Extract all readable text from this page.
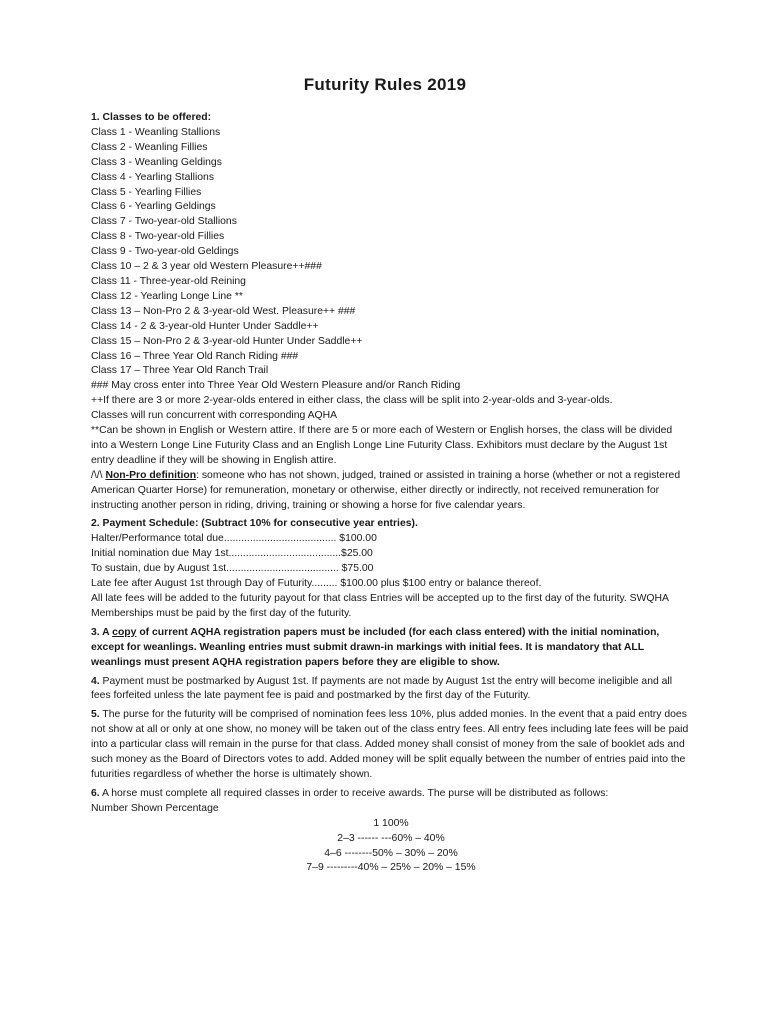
Futurity Rules 2019
1. Classes to be offered:
Class 1 - Weanling Stallions
Class 2 - Weanling Fillies
Class 3 - Weanling Geldings
Class 4 - Yearling Stallions
Class 5 - Yearling Fillies
Class 6 - Yearling Geldings
Class 7 - Two-year-old Stallions
Class 8 - Two-year-old Fillies
Class 9 - Two-year-old Geldings
Class 10 – 2 & 3 year old Western Pleasure++###
Class 11 - Three-year-old Reining
Class 12 - Yearling Longe Line **
Class 13 – Non-Pro 2 & 3-year-old West. Pleasure++ ###
Class 14 - 2 & 3-year-old Hunter Under Saddle++
Class 15 – Non-Pro 2 & 3-year-old Hunter Under Saddle++
Class 16 – Three Year Old Ranch Riding ###
Class 17 – Three Year Old Ranch Trail
### May cross enter into Three Year Old Western Pleasure and/or Ranch Riding
++If there are 3 or more 2-year-olds entered in either class, the class will be split into 2-year-olds and 3-year-olds.
Classes will run concurrent with corresponding AQHA

**Can be shown in English or Western attire. If there are 5 or more each of Western or English horses, the class will be divided into a Western Longe Line Futurity Class and an English Longe Line Futurity Class. Exhibitors must declare by the August 1st entry deadline if they will be showing in English attire.

/\/\ Non-Pro definition: someone who has not shown, judged, trained or assisted in training a horse (whether or not a registered American Quarter Horse) for remuneration, monetary or otherwise, either directly or indirectly, not received remuneration for instructing another person in riding, driving, training or showing a horse for five calendar years.

2. Payment Schedule: (Subtract 10% for consecutive year entries).
Halter/Performance total due....................................... $100.00
Initial nomination due May 1st.......................................$25.00
To sustain, due by August 1st....................................... $75.00
Late fee after August 1st through Day of Futurity......... $100.00 plus $100 entry or balance thereof.

All late fees will be added to the futurity payout for that class Entries will be accepted up to the first day of the futurity. SWQHA Memberships must be paid by the first day of the futurity.

3. A copy of current AQHA registration papers must be included (for each class entered) with the initial nomination, except for weanlings. Weanling entries must submit drawn-in markings with initial fees. It is mandatory that ALL weanlings must present AQHA registration papers before they are eligible to show.

4. Payment must be postmarked by August 1st. If payments are not made by August 1st the entry will become ineligible and all fees forfeited unless the late payment fee is paid and postmarked by the first day of the Futurity.

5. The purse for the futurity will be comprised of nomination fees less 10%, plus added monies. In the event that a paid entry does not show at all or only at one show, no money will be taken out of the class entry fees. All entry fees including late fees will be paid into a particular class will remain in the purse for that class. Added money shall consist of money from the sale of booklet ads and such money as the Board of Directors votes to add. Added money will be split equally between the number of entries paid into the futurities regardless of whether the horse is ultimately shown.

6. A horse must complete all required classes in order to receive awards. The purse will be distributed as follows:

Number Shown Percentage
1 100%
2–3 ------ ---60% – 40%
4–6 --------50% – 30% – 20%
7–9 ---------40% – 25% – 20% – 15%
